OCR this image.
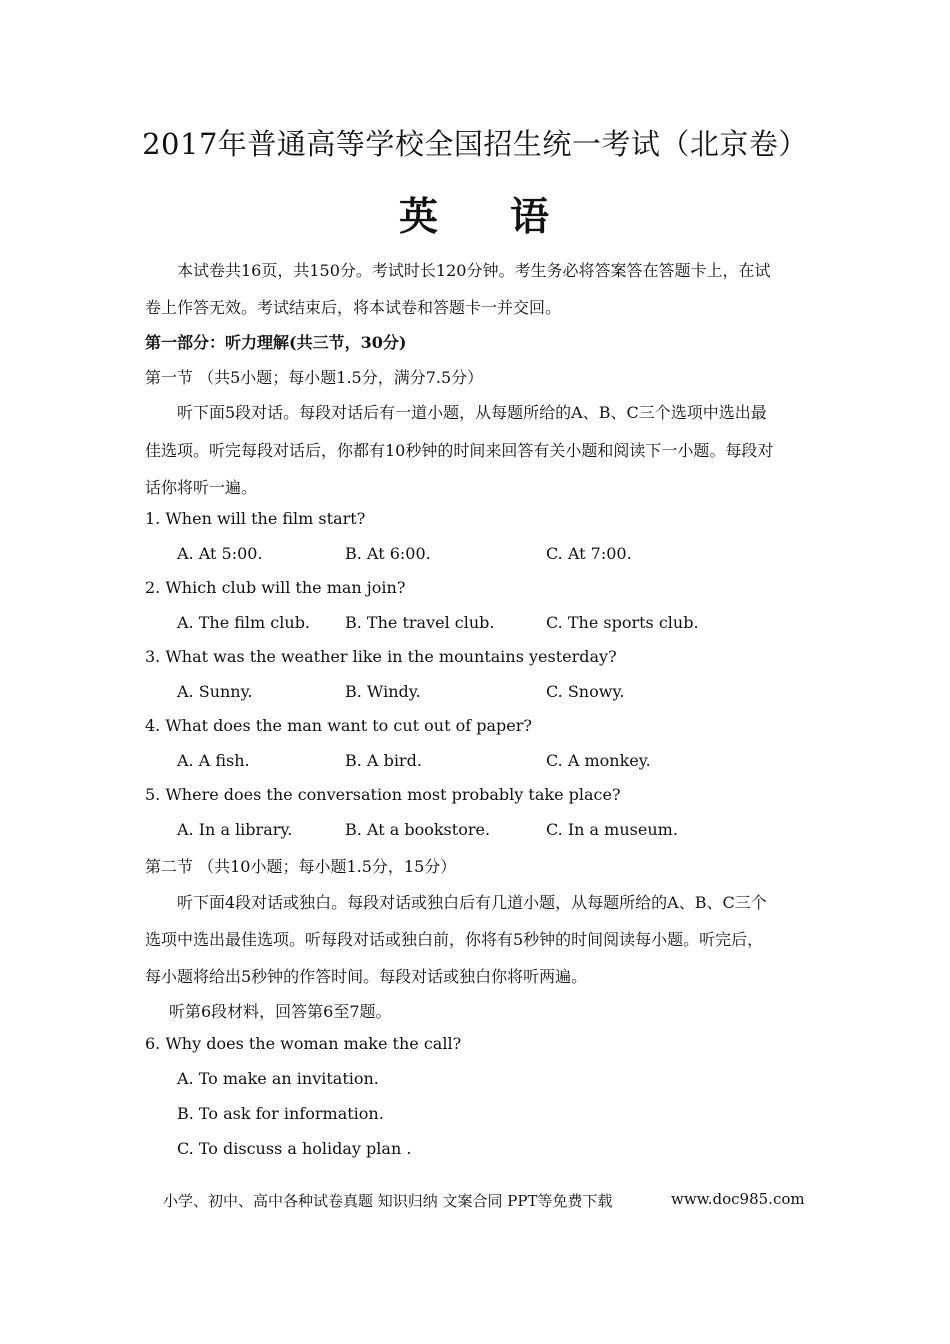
2017年普通高等学校全国招生统一考试（北京卷）
英 语
本试卷共16页，共150分。考试时长120分钟。考生务必将答案答在答题卡上，在试
卷上作答无效。考试结束后，将本试卷和答题卡一并交回。
第一部分：听力理解(共三节，30分)
第一节 （共5小题；每小题1.5分，满分7.5分）
听下面5段对话。每段对话后有一道小题，从每题所给的A、B、C三个选项中选出最
佳选项。听完每段对话后，你都有10秒钟的时间来回答有关小题和阅读下一小题。每段对
话你将听一遍。
1. When will the film start?
A. At 5:00.	B. At 6:00.	C. At 7:00.
2. Which club will the man join?
A. The film club. B. The travel club.	C. The sports club.
3. What was the weather like in the mountains yesterday?
A. Sunny.	B. Windy.	C. Snowy.
4. What does the man want to cut out of paper?
A. A fish.	B. A bird.	C. A monkey.
5. Where does the conversation most probably take place?
A. In a library.	B. At a bookstore.	C. In a museum.
第二节 （共10小题；每小题1.5分，15分）
听下面4段对话或独白。每段对话或独白后有几道小题，从每题所给的A、B、C三个
选项中选出最佳选项。听每段对话或独白前，你将有5秒钟的时间阅读每小题。听完后，
每小题将给出5秒钟的作答时间。每段对话或独白你将听两遍。
听第6段材料，回答第6至7题。
6. Why does the woman make the call?
A. To make an invitation.
B. To ask for information.
C. To discuss a holiday plan .
小学、初中、高中各种试卷真题 知识归纳 文案合同 PPT等免费下载	www.doc985.com
